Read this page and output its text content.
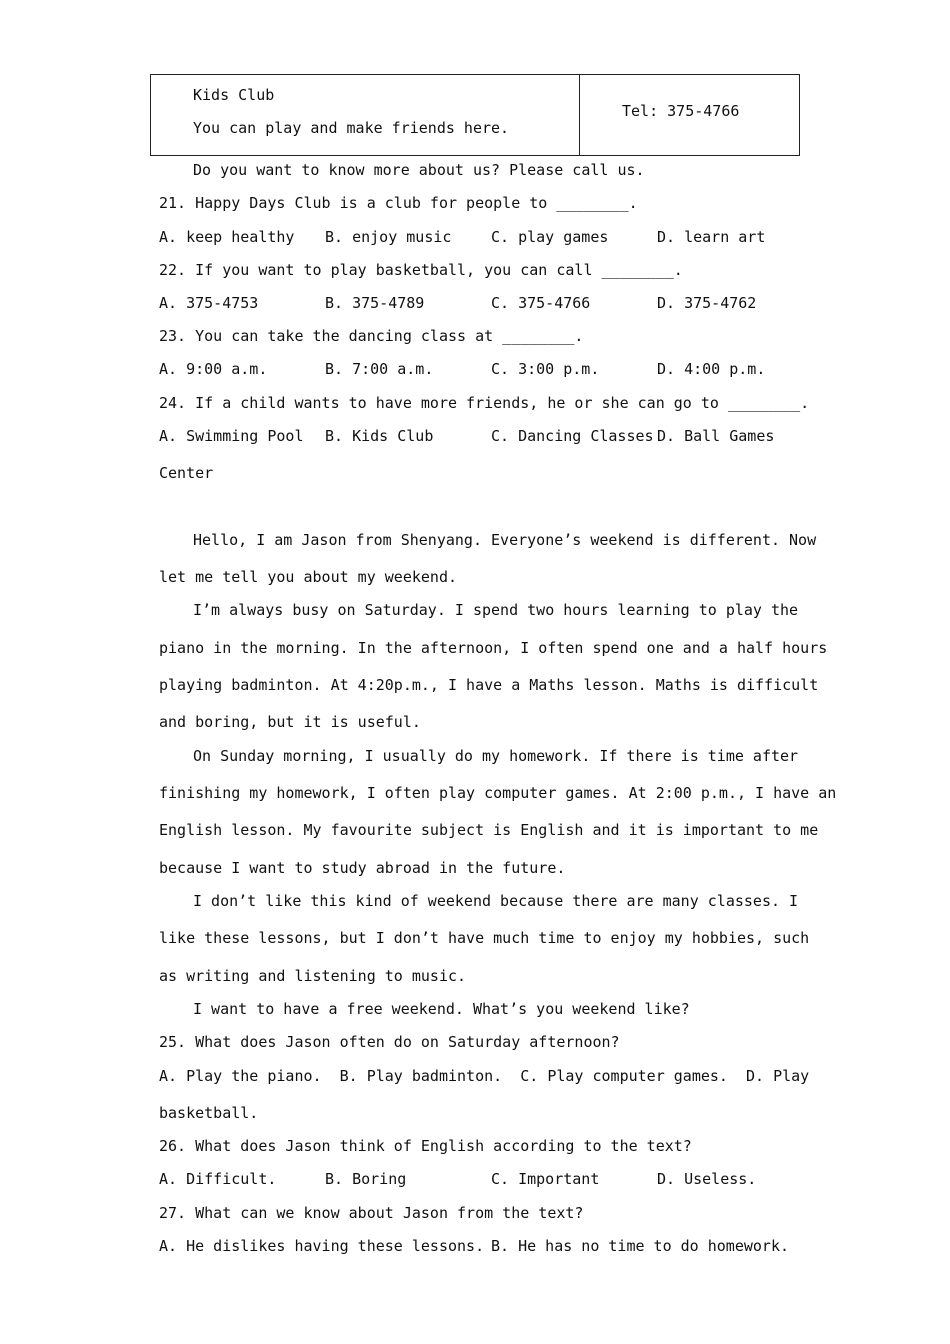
Kids Club
You can play and make friends here.
Tel: 375-4766
Do you want to know more about us? Please call us.
21. Happy Days Club is a club for people to ________.
A. keep healthy B. enjoy music	C. play games	D. learn art
22. If you want to play basketball, you can call ________.
A. 375-4753	B. 375-4789	C. 375-4766	D. 375-4762
23. You can take the dancing class at ________.
A. 9:00 a.m.	B. 7:00 a.m.	C. 3:00 p.m.	D. 4:00 p.m.
24. If a child wants to have more friends, he or she can go to ________.
A. Swimming Pool B. Kids Club	C. Dancing Classes D. Ball Games
Center
Hello, I am Jason from Shenyang. Everyone’s weekend is different. Now
let me tell you about my weekend.
I’m always busy on Saturday. I spend two hours learning to play the
piano in the morning. In the afternoon, I often spend one and a half hours
playing badminton. At 4:20p.m., I have a Maths lesson. Maths is difficult
and boring, but it is useful.
On Sunday morning, I usually do my homework. If there is time after
finishing my homework, I often play computer games. At 2:00 p.m., I have an
English lesson. My favourite subject is English and it is important to me
because I want to study abroad in the future.
I don’t like this kind of weekend because there are many classes. I
like these lessons, but I don’t have much time to enjoy my hobbies, such
as writing and listening to music.
I want to have a free weekend. What’s you weekend like?
25. What does Jason often do on Saturday afternoon?
A. Play the piano.  B. Play badminton.  C. Play computer games.  D. Play
basketball.
26. What does Jason think of English according to the text?
A. Difficult.	B. Boring	C. Important	D. Useless.
27. What can we know about Jason from the text?
A. He dislikes having these lessons. B. He has no time to do homework.
